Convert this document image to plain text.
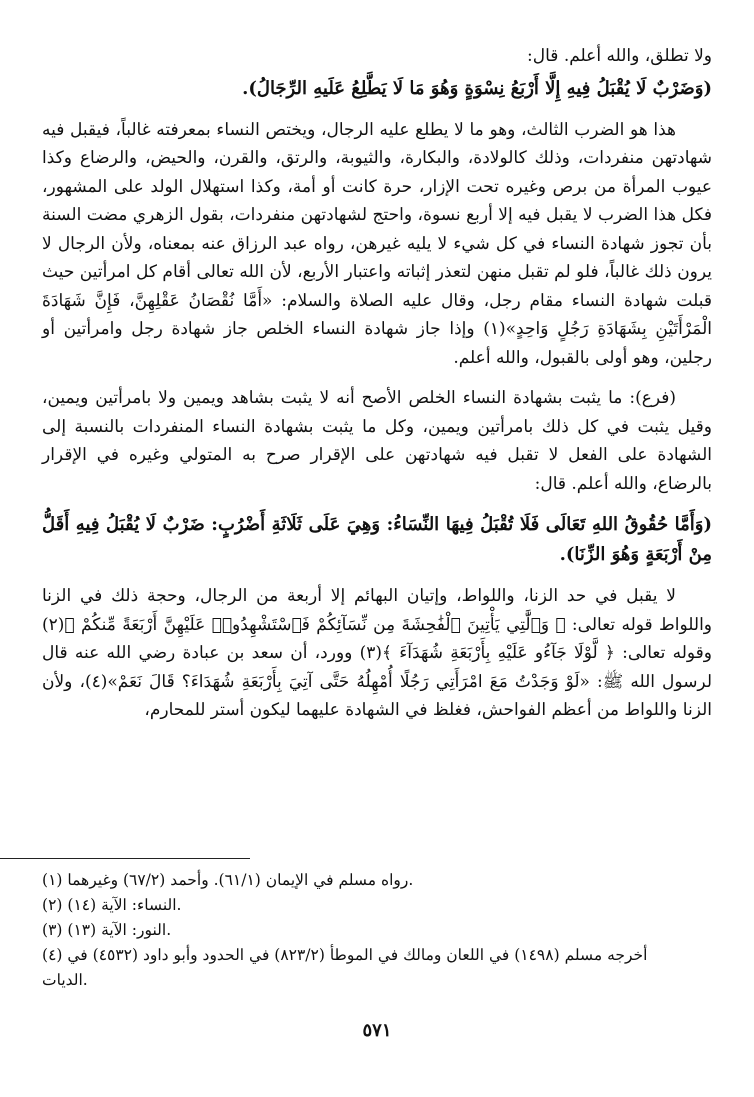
ولا تطلق، والله أعلم. قال:

(وَضَرْبٌ لَا يُقْبَلُ فِيهِ إِلَّا أَرْبَعُ نِسْوَةٍ وَهُوَ مَا لَا يَطَّلِعُ عَلَيهِ الرِّجَالُ).

هذا هو الضرب الثالث، وهو ما لا يطلع عليه الرجال، ويختص النساء بمعرفته غالباً، فيقبل فيه شهادتهن منفردات، وذلك كالولادة، والبكارة، والثيوبة، والرتق، والقرن، والحيض، والرضاع وكذا عيوب المرأة من برص وغيره تحت الإزار، حرة كانت أو أمة، وكذا استهلال الولد على المشهور، فكل هذا الضرب لا يقبل فيه إلا أربع نسوة، واحتج لشهادتهن منفردات، بقول الزهري مضت السنة بأن تجوز شهادة النساء في كل شيء لا يليه غيرهن، رواه عبد الرزاق عنه بمعناه، ولأن الرجال لا يرون ذلك غالباً، فلو لم تقبل منهن لتعذر إثباته واعتبار الأربع، لأن الله تعالى أقام كل امرأتين حيث قبلت شهادة النساء مقام رجل، وقال عليه الصلاة والسلام: «أَمَّا نُقْصَانُ عَقْلِهِنَّ، فَإِنَّ شَهَادَةَ الْمَرْأَتَيْنِ بِشَهَادَةِ رَجُلٍ وَاحِدٍ»(١) وإذا جاز شهادة النساء الخلص جاز شهادة رجل وامرأتين أو رجلين، وهو أولى بالقبول، والله أعلم.

(فرع): ما يثبت بشهادة النساء الخلص الأصح أنه لا يثبت بشاهد ويمين ولا بامرأتين ويمين، وقيل يثبت في كل ذلك بامرأتين ويمين، وكل ما يثبت بشهادة النساء المنفردات بالنسبة إلى الشهادة على الفعل لا تقبل فيه شهادتهن على الإقرار صرح به المتولي وغيره في الإقرار بالرضاع، والله أعلم. قال:

(وَأَمَّا حُقُوقُ اللهِ تَعَالَى فَلَا تُقْبَلُ فِيهَا النِّسَاءُ: وَهِيَ عَلَى ثَلَاثَةِ أَضْرُبٍ: ضَرْبٌ لَا يُقْبَلُ فِيهِ أَقَلُّ مِنْ أَرْبَعَةٍ وَهُوَ الزِّنَا).

لا يقبل في حد الزنا، واللواط، وإتيان البهائم إلا أربعة من الرجال، وحجة ذلك في الزنا واللواط قوله تعالى: ﴿ وَٱلَّٰتِي يَأْتِينَ ٱلْفَٰحِشَةَ مِن نِّسَآئِكُمْ فَٱسْتَشْهِدُوا۟ عَلَيْهِنَّ أَرْبَعَةً مِّنكُمْ ﴾(٢) وقوله تعالى: ﴿ لَّوْلَا جَآءُو عَلَيْهِ بِأَرْبَعَةِ شُهَدَآءَ ﴾(٣) وورد، أن سعد بن عبادة رضي الله عنه قال لرسول الله ﷺ: «لَوْ وَجَدْتُ مَعَ امْرَأَتِي رَجُلًا أُمْهِلُهُ حَتَّى آتِيَ بِأَرْبَعَةِ شُهَدَاءَ؟ قَالَ نَعَمْ»(٤)، ولأن الزنا واللواط من أعظم الفواحش، فغلظ في الشهادة عليهما ليكون أستر للمحارم،

(١) رواه مسلم في الإيمان (٦١/١). وأحمد (٦٧/٢) وغيرهما.

(٢) النساء: الآية (١٤).

(٣) النور: الآية (١٣).

(٤) أخرجه مسلم (١٤٩٨) في اللعان ومالك في الموطأ (٨٢٣/٢) في الحدود وأبو داود (٤٥٣٢) في الديات.

٥٧١
